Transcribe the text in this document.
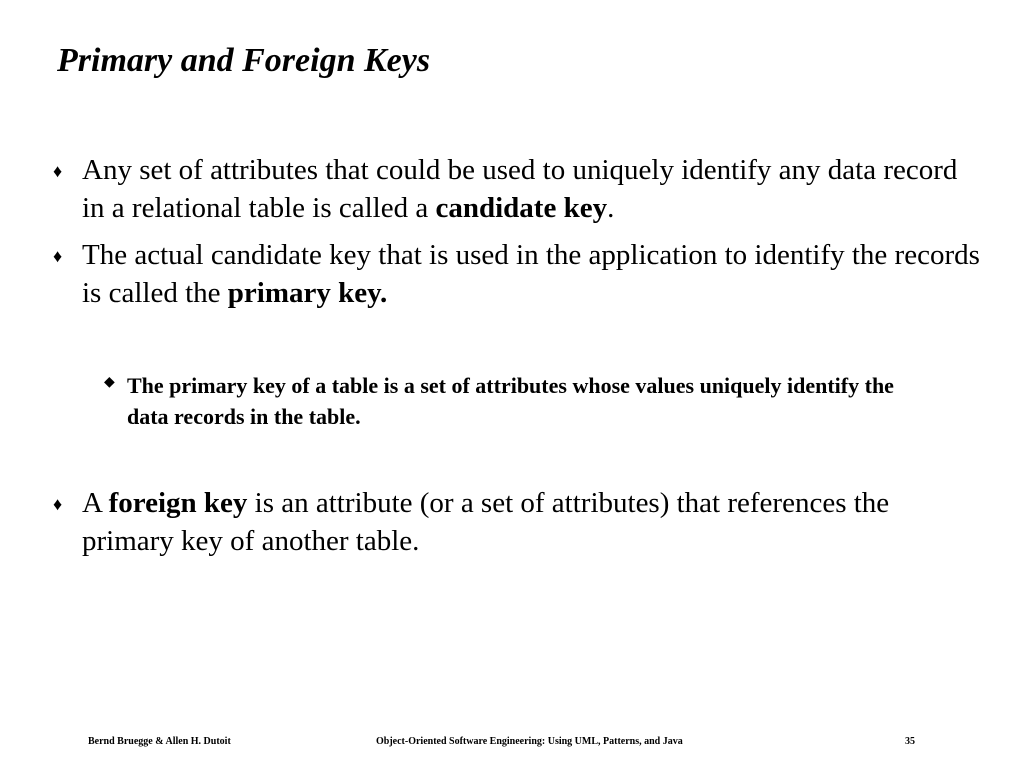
Primary and Foreign Keys
♦ Any set of attributes that could be used to uniquely identify any data record in a relational table is called a candidate key.

♦ The actual candidate key that is used in the application to identify the records is called the primary key.

◆ The primary key of a table is a set of attributes whose values uniquely identify the data records in the table.

♦ A foreign key is an attribute (or a set of attributes) that references the primary key of another table.

Bernd Bruegge & Allen H. Dutoit	Object-Oriented Software Engineering: Using UML, Patterns, and Java	35
